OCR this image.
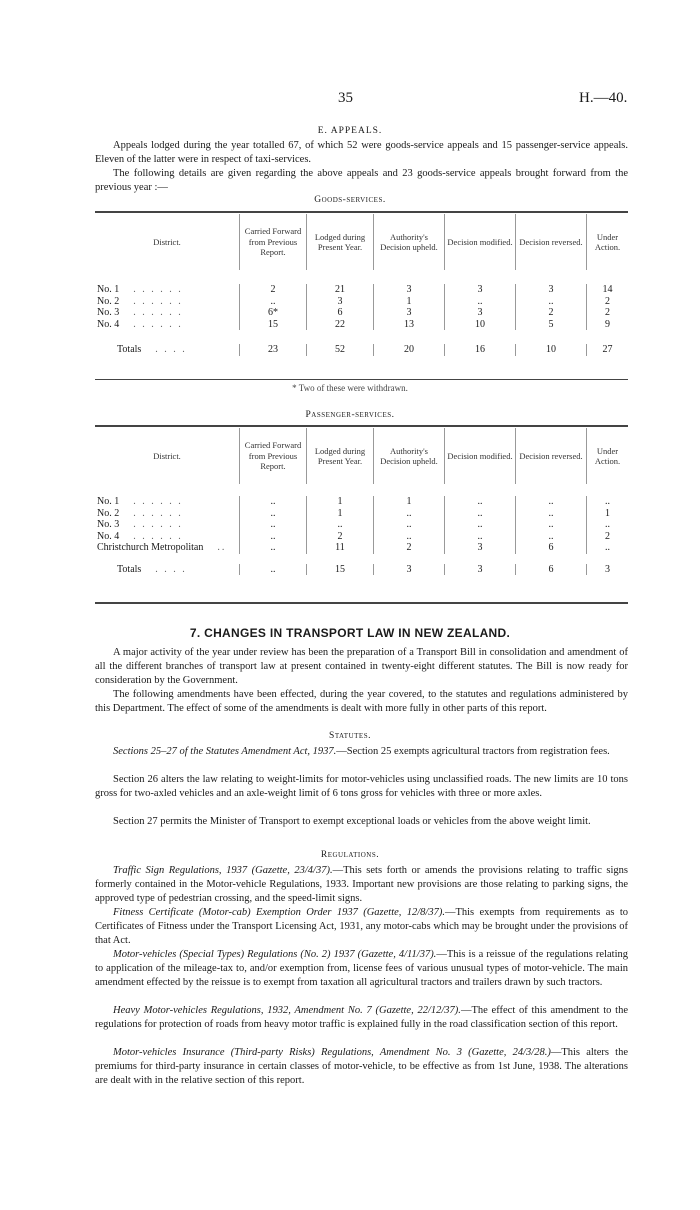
35	H.—40.
E. APPEALS.
Appeals lodged during the year totalled 67, of which 52 were goods-service appeals and 15 passenger-service appeals. Eleven of the latter were in respect of taxi-services.
The following details are given regarding the above appeals and 23 goods-service appeals brought forward from the previous year :—
Goods-services.
District.	Carried Forward from Previous Report.	Lodged during Present Year.	Authority's Decision upheld.	Decision modified.	Decision reversed.	Under Action.

No. 1 . . . . . .	2	21	3	3	3	14
No. 2 . . . . . .	..	3	1	..	..	2
No. 3 . . . . . .	6*	6	3	3	2	2
No. 4 . . . . . .	15	22	13	10	5	9

Totals . . . .	23	52	20	16	10	27
* Two of these were withdrawn.
Passenger-services.
District.	Carried Forward from Previous Report.	Lodged during Present Year.	Authority's Decision upheld.	Decision modified.	Decision reversed.	Under Action.

No. 1 . . . . . .	..	1	1	..	..	..
No. 2 . . . . . .	..	1	..	..	..	1
No. 3 . . . . . .	..	..	..	..	..	..
No. 4 . . . . . .	..	2	..	..	..	2
Christchurch Metropolitan ..	..	11	2	3	6	..

Totals . . . .	..	15	3	3	6	3
7. CHANGES IN TRANSPORT LAW IN NEW ZEALAND.
A major activity of the year under review has been the preparation of a Transport Bill in consolidation and amendment of all the different branches of transport law at present contained in twenty-eight different statutes. The Bill is now ready for consideration by the Government.
The following amendments have been effected, during the year covered, to the statutes and regulations administered by this Department. The effect of some of the amendments is dealt with more fully in other parts of this report.
Statutes.
Sections 25–27 of the Statutes Amendment Act, 1937.—Section 25 exempts agricultural tractors from registration fees.
Section 26 alters the law relating to weight-limits for motor-vehicles using unclassified roads. The new limits are 10 tons gross for two-axled vehicles and an axle-weight limit of 6 tons gross for vehicles with three or more axles.
Section 27 permits the Minister of Transport to exempt exceptional loads or vehicles from the above weight limit.
Regulations.
Traffic Sign Regulations, 1937 (Gazette, 23/4/37).—This sets forth or amends the provisions relating to traffic signs formerly contained in the Motor-vehicle Regulations, 1933. Important new provisions are those relating to parking signs, the approved type of pedestrian crossing, and the speed-limit signs.
Fitness Certificate (Motor-cab) Exemption Order 1937 (Gazette, 12/8/37).—This exempts from requirements as to Certificates of Fitness under the Transport Licensing Act, 1931, any motor-cabs which may be brought under the provisions of that Act.
Motor-vehicles (Special Types) Regulations (No. 2) 1937 (Gazette, 4/11/37).—This is a reissue of the regulations relating to application of the mileage-tax to, and/or exemption from, license fees of various unusual types of motor-vehicle. The main amendment effected by the reissue is to exempt from taxation all agricultural tractors and trailers drawn by such tractors.
Heavy Motor-vehicles Regulations, 1932, Amendment No. 7 (Gazette, 22/12/37).—The effect of this amendment to the regulations for protection of roads from heavy motor traffic is explained fully in the road classification section of this report.
Motor-vehicles Insurance (Third-party Risks) Regulations, Amendment No. 3 (Gazette, 24/3/28.)—This alters the premiums for third-party insurance in certain classes of motor-vehicle, to be effective as from 1st June, 1938. The alterations are dealt with in the relative section of this report.
